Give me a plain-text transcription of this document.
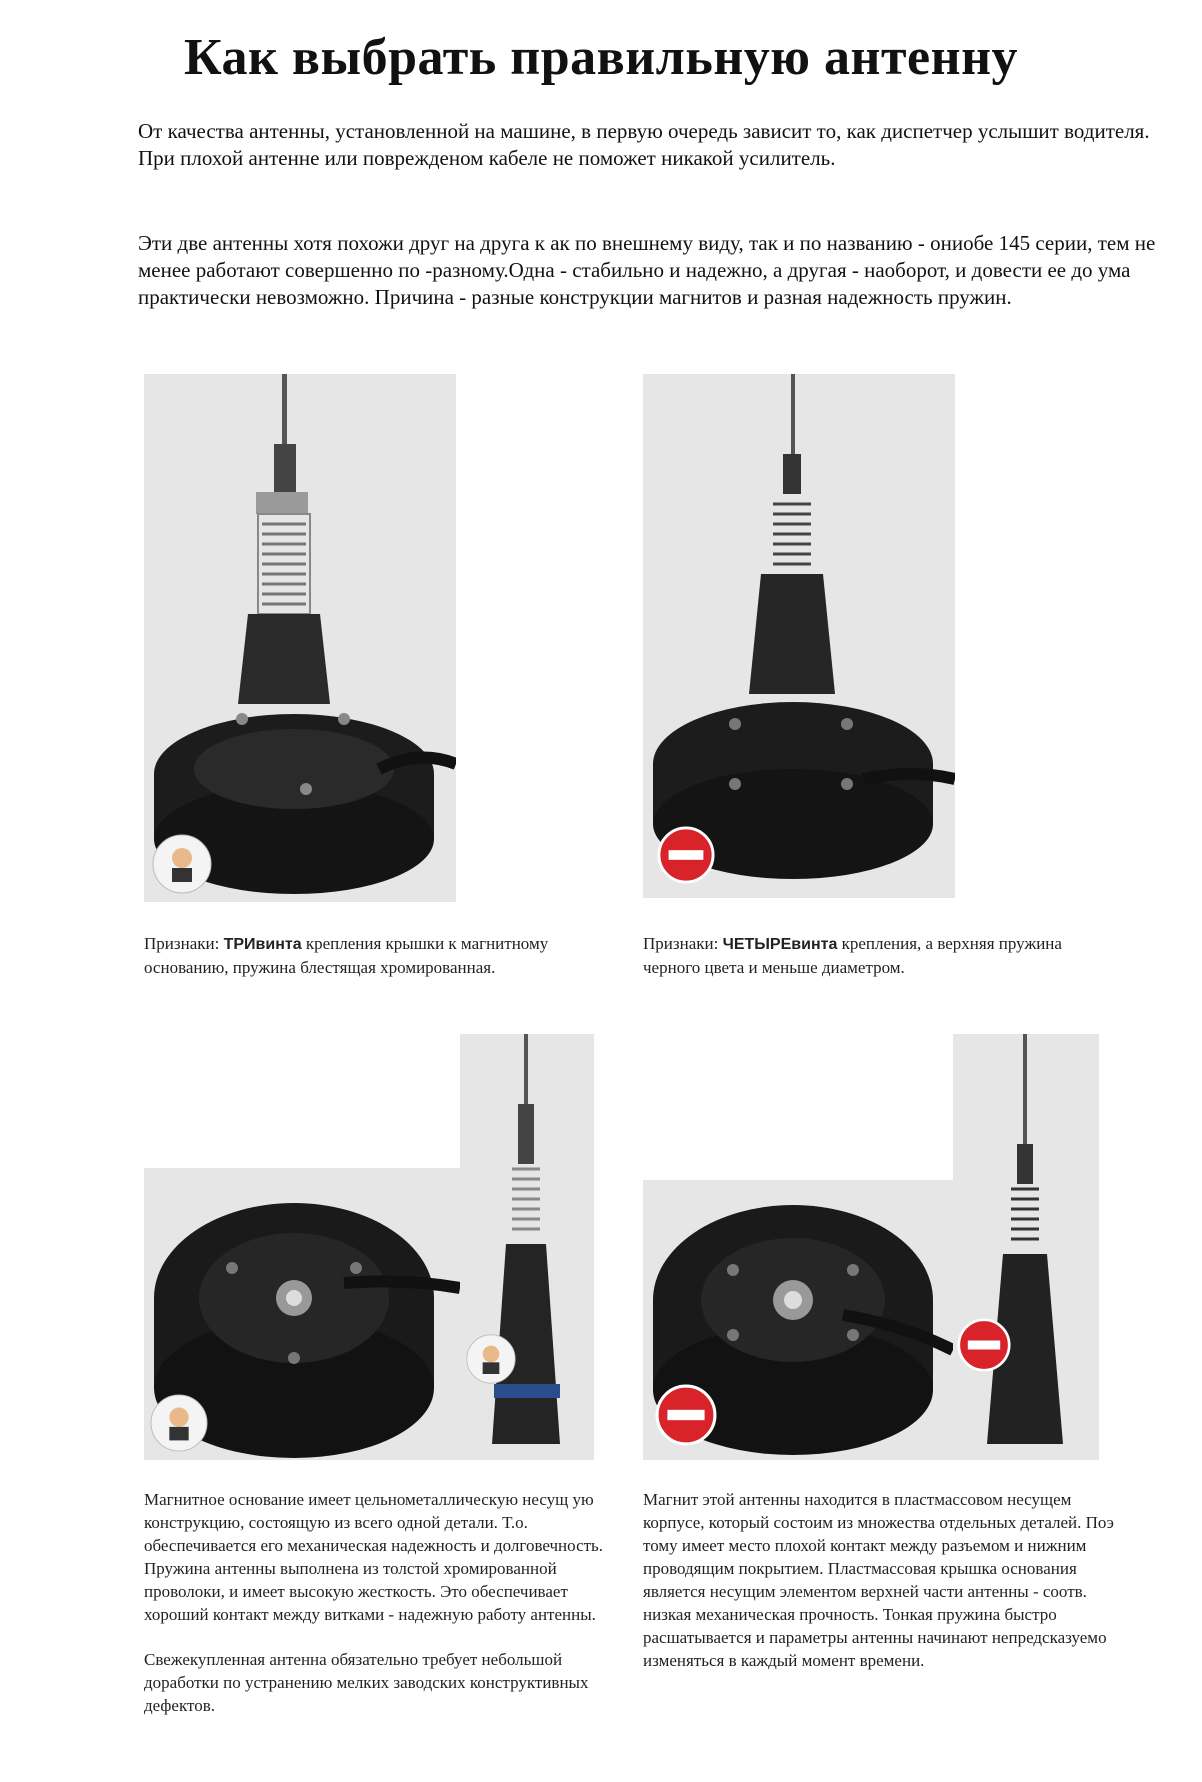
Как выбрать правильную антенну
От качества антенны, установленной на машине, в первую очередь зависит то, как диспетчер услышит водителя. При плохой антенне или поврежденом кабеле не поможет никакой усилитель.
Эти две антенны хотя похожи друг на друга к ак по внешнему виду, так и по названию - ониобе 145 серии, тем не менее работают совершенно по -разному.Одна - стабильно и надежно, а другая - наоборот, и довести ее до ума практически невозможно. Причина - разные конструкции магнитов и разная надежность пружин.
Признаки: ТРИвинта крепления крышки к магнитному основанию, пружина блестящая хромированная.
Признаки: ЧЕТЫРЕвинта крепления, а верхняя пружина черного цвета и меньше диаметром.

Магнитное основание имеет цельнометаллическую несущ ую конструкцию, состоящую из всего одной детали. Т.о. обеспечивается его механическая надежность и долговечность. Пружина антенны выполнена из толстой хромированной проволоки, и имеет высокую жесткость. Это обеспечивает хороший контакт между витками - надежную работу антенны.

Свежекупленная антенна обязательно требует небольшой доработки по устранению мелких заводских конструктивных дефектов.

Магнит этой антенны находится в пластмассовом несущем корпусе, который состоим из множества отдельных деталей. Поэ тому имеет место плохой контакт между разъемом и нижним проводящим покрытием. Пластмассовая крышка основания является несущим элементом верхней части антенны - соотв. низкая механическая прочность. Тонкая пружина быстро расшатывается и параметры антенны начинают непредсказуемо изменяться в каждый момент времени.
